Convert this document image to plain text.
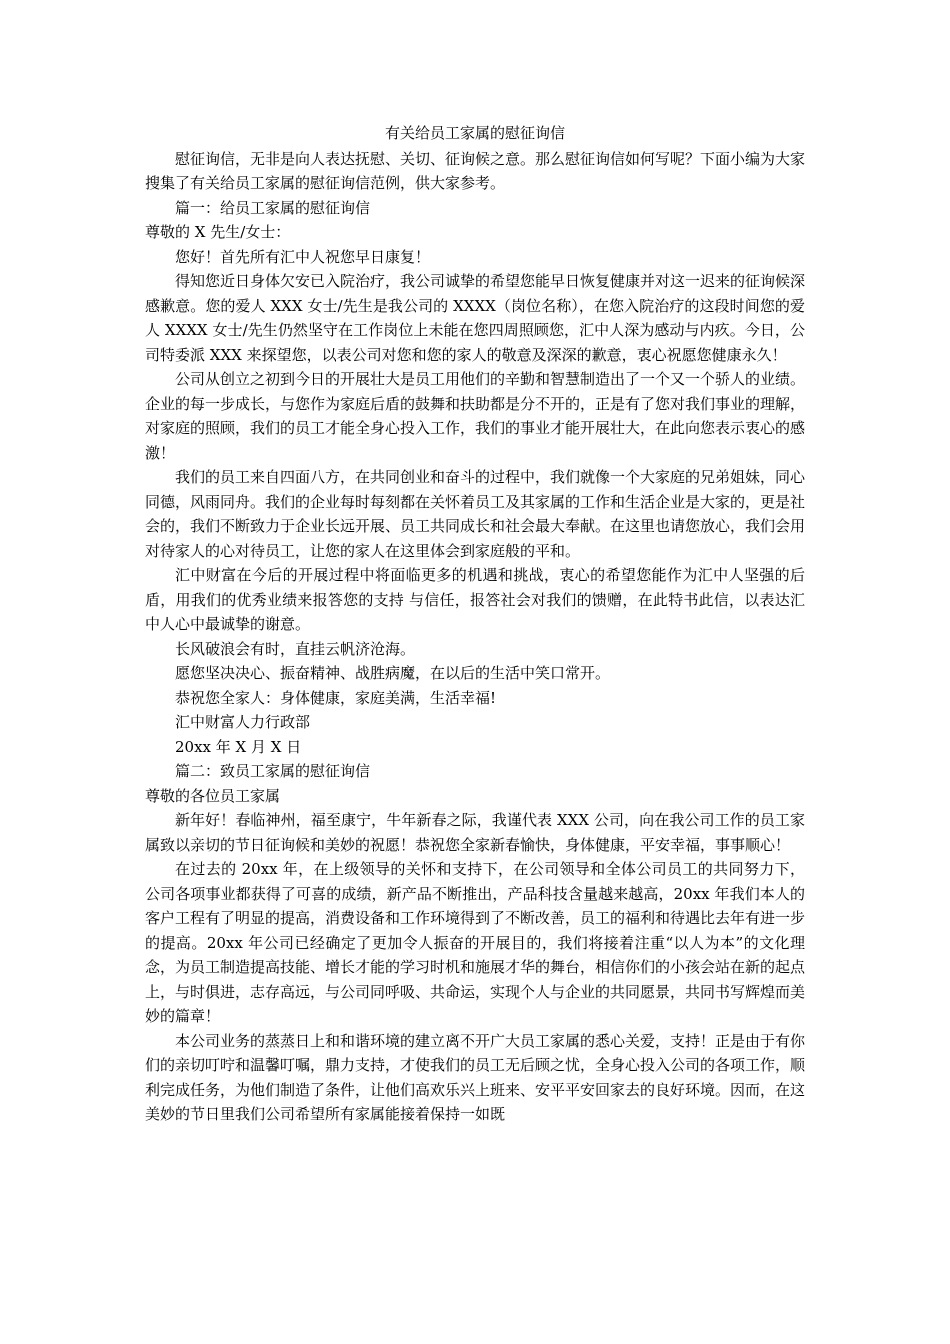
有关给员工家属的慰征询信

慰征询信，无非是向人表达抚慰、关切、征询候之意。那么慰征询信如何写呢？下面小编为大家搜集了有关给员工家属的慰征询信范例，供大家参考。

篇一：给员工家属的慰征询信

尊敬的 X 先生/女士：

您好！首先所有汇中人祝您早日康复！

得知您近日身体欠安已入院治疗，我公司诚挚的希望您能早日恢复健康并对这一迟来的征询候深感歉意。您的爱人 XXX 女士/先生是我公司的 XXXX（岗位名称），在您入院治疗的这段时间您的爱人 XXXX 女士/先生仍然坚守在工作岗位上未能在您四周照顾您，汇中人深为感动与内疚。今日，公司特委派 XXX 来探望您，以表公司对您和您的家人的敬意及深深的歉意，衷心祝愿您健康永久！

公司从创立之初到今日的开展壮大是员工用他们的辛勤和智慧制造出了一个又一个骄人的业绩。企业的每一步成长，与您作为家庭后盾的鼓舞和扶助都是分不开的，正是有了您对我们事业的理解，对家庭的照顾，我们的员工才能全身心投入工作，我们的事业才能开展壮大，在此向您表示衷心的感激！

我们的员工来自四面八方，在共同创业和奋斗的过程中，我们就像一个大家庭的兄弟姐妹，同心同德，风雨同舟。我们的企业每时每刻都在关怀着员工及其家属的工作和生活企业是大家的，更是社会的，我们不断致力于企业长远开展、员工共同成长和社会最大奉献。在这里也请您放心，我们会用对待家人的心对待员工，让您的家人在这里体会到家庭般的平和。

汇中财富在今后的开展过程中将面临更多的机遇和挑战，衷心的希望您能作为汇中人坚强的后盾，用我们的优秀业绩来报答您的支持 与信任，报答社会对我们的馈赠，在此特书此信，以表达汇中人心中最诚挚的谢意。

长风破浪会有时，直挂云帆济沧海。

愿您坚决决心、振奋精神、战胜病魔，在以后的生活中笑口常开。

恭祝您全家人：身体健康，家庭美满，生活幸福!

汇中财富人力行政部

20xx 年 X 月 X 日

篇二：致员工家属的慰征询信

尊敬的各位员工家属

新年好！春临神州，福至康宁，牛年新春之际，我谨代表 XXX 公司，向在我公司工作的员工家属致以亲切的节日征询候和美妙的祝愿！恭祝您全家新春愉快，身体健康，平安幸福，事事顺心！

在过去的 20xx 年，在上级领导的关怀和支持下，在公司领导和全体公司员工的共同努力下，公司各项事业都获得了可喜的成绩，新产品不断推出，产品科技含量越来越高，20xx 年我们本人的客户工程有了明显的提高，消费设备和工作环境得到了不断改善，员工的福利和待遇比去年有进一步的提高。20xx 年公司已经确定了更加令人振奋的开展目的，我们将接着注重“以人为本”的文化理念，为员工制造提高技能、增长才能的学习时机和施展才华的舞台，相信你们的小孩会站在新的起点上，与时俱进，志存高远，与公司同呼吸、共命运，实现个人与企业的共同愿景，共同书写辉煌而美妙的篇章！

本公司业务的蒸蒸日上和和谐环境的建立离不开广大员工家属的悉心关爱，支持！正是由于有你们的亲切叮咛和温馨叮嘱，鼎力支持，才使我们的员工无后顾之忧，全身心投入公司的各项工作，顺利完成任务，为他们制造了条件，让他们高欢乐兴上班来、安平平安回家去的良好环境。因而，在这美妙的节日里我们公司希望所有家属能接着保持一如既
